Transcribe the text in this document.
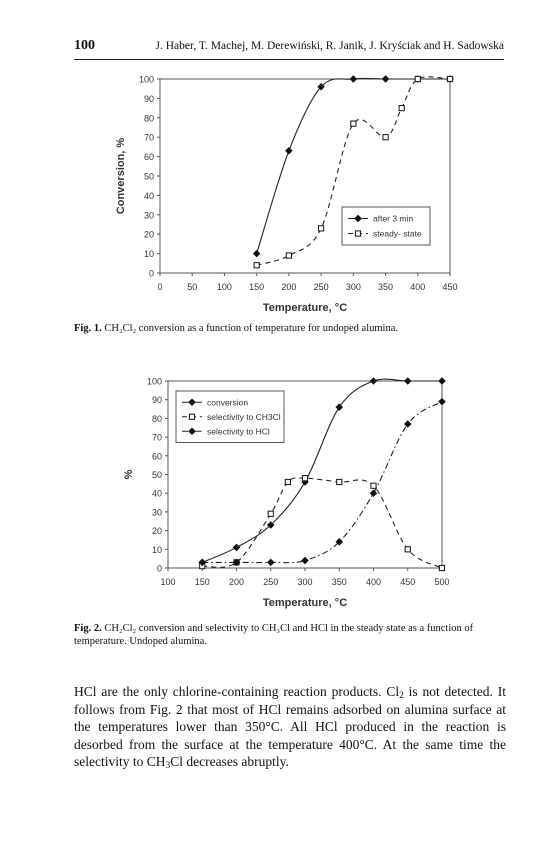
100	J. Haber, T. Machej, M. Derewiński, R. Janik, J. Kryściak and H. Sadowska
0
10
20
30
40
50
60
70
80
90
100
0	50 100 150 200 250 300 350 400 450
Temperature, °C
Conversion, %
after 3 min
steady- state
Fig. 1. CH₂Cl₂ conversion as a function of temperature for undoped alumina.
0
10
20
30
40
50
60
70
80
90
100
100 150 200 250 300 350 400 450 500
Temperature, °C
%
conversion
selectivity to CH3Cl
selectivity to HCl
Fig. 2. CH₂Cl₂ conversion and selectivity to CH₃Cl and HCl in the steady state as a function of temperature. Undoped alumina.
HCl are the only chlorine-containing reaction products. $Cl_2$ is not detected. It follows from Fig. 2 that most of HCl remains adsorbed on alumina surface at the temperatures lower than 350°C. All HCl produced in the reaction is desorbed from the surface at the temperature 400°C. At the same time the selectivity to $CH_3Cl$ decreases abruptly.
